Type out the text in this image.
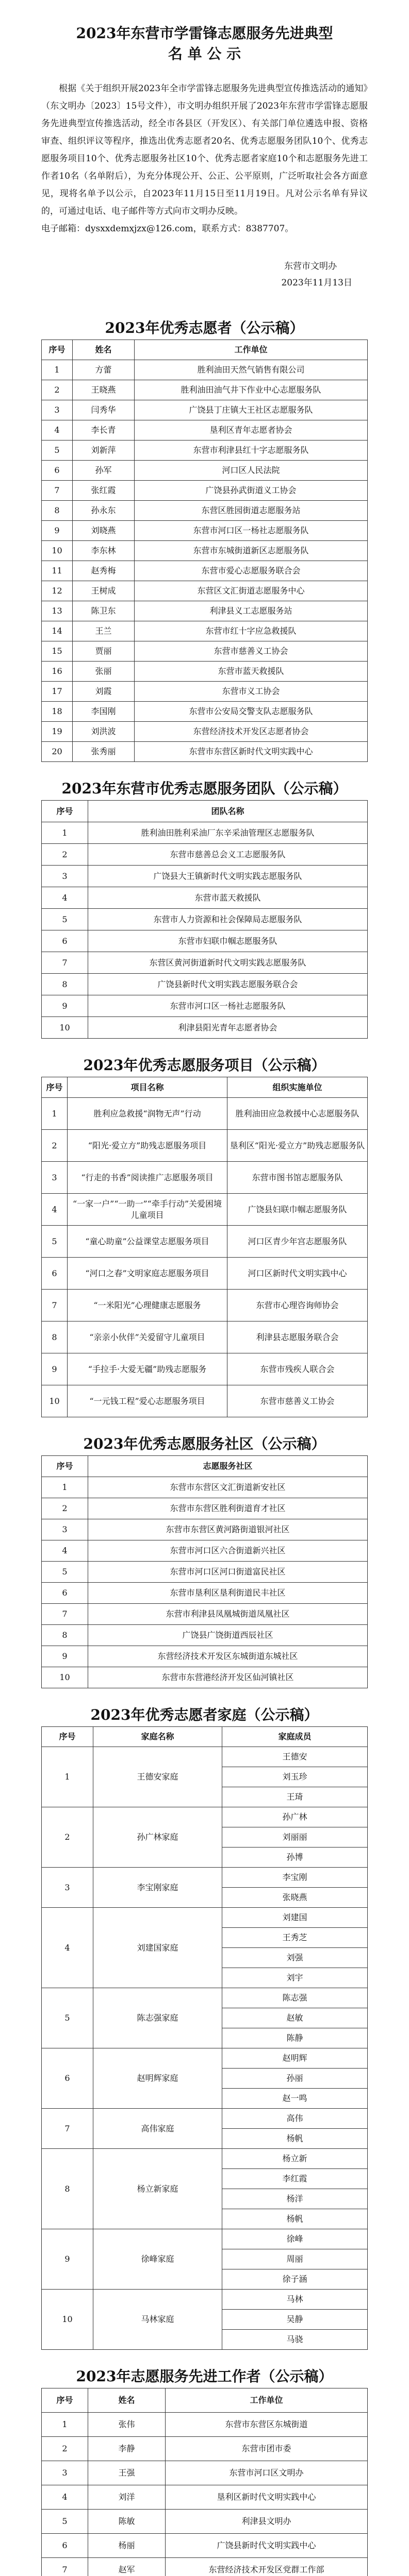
2023年东营市学雷锋志愿服务先进典型
名 单 公 示
根据《关于组织开展2023年全市学雷锋志愿服务先进典型宣传推选活动的通知》（东文明办〔2023〕15号文件），市文明办组织开展了2023年东营市学雷锋志愿服务先进典型宣传推选活动，经全市各县区（开发区）、有关部门单位遴选申报、资格审查、组织评议等程序，推选出优秀志愿者20名、优秀志愿服务团队10个、优秀志愿服务项目10个、优秀志愿服务社区10个、优秀志愿者家庭10个和志愿服务先进工作者10名（名单附后），为充分体现公开、公正、公平原则，广泛听取社会各方面意见，现将名单予以公示，自2023年11月15日至11月19日。凡对公示名单有异议的，可通过电话、电子邮件等方式向市文明办反映。
电子邮箱：dysxxdemxjzx@126.com，联系方式：8387707。
东营市文明办
2023年11月13日
2023年优秀志愿者（公示稿）
序号	姓名	工作单位
1	方蕾	胜利油田天然气销售有限公司
2	王晓燕	胜利油田油气井下作业中心志愿服务队
3	闫秀华	广饶县丁庄镇大王社区志愿服务队
4	李长青	垦利区青年志愿者协会
5	刘新萍	东营市利津县红十字志愿服务队
6	孙军	河口区人民法院
7	张红霞	广饶县孙武街道义工协会
8	孙永东	东营区胜园街道志愿服务站
9	刘晓燕	东营市河口区一杨社志愿服务队
10	李东林	东营市东城街道新区志愿服务队
11	赵秀梅	东营市爱心志愿服务联合会
12	王树成	东营区文汇街道志愿服务中心
13	陈卫东	利津县义工志愿服务站
14	王兰	东营市红十字应急救援队
15	贾丽	东营市慈善义工协会
16	张丽	东营市蓝天救援队
17	刘霞	东营市义工协会
18	李国刚	东营市公安局交警支队志愿服务队
19	刘洪波	东营经济技术开发区志愿者协会
20	张秀丽	东营市东营区新时代文明实践中心
2023年东营市优秀志愿服务团队（公示稿）
序号	团队名称
1	胜利油田胜利采油厂东辛采油管理区志愿服务队
2	东营市慈善总会义工志愿服务队
3	广饶县大王镇新时代文明实践志愿服务队
4	东营市蓝天救援队
5	东营市人力资源和社会保障局志愿服务队
6	东营市妇联巾帼志愿服务队
7	东营区黄河街道新时代文明实践志愿服务队
8	广饶县新时代文明实践志愿服务联合会
9	东营市河口区一杨社志愿服务队
10	利津县阳光青年志愿者协会
2023年优秀志愿服务项目（公示稿）
序号	项目名称	组织实施单位
1	胜利应急救援“润物无声”行动	胜利油田应急救援中心志愿服务队
2	“阳光·爱立方”助残志愿服务项目	垦利区“阳光·爱立方”助残志愿服务队
3	“行走的书香”阅读推广志愿服务项目	东营市图书馆志愿服务队
4	“一家一户”“一助一”“牵手行动”关爱困境儿童项目	广饶县妇联巾帼志愿服务队
5	“童心助童”公益课堂志愿服务项目	河口区青少年宫志愿服务队
6	“河口之春”文明家庭志愿服务项目	河口区新时代文明实践中心
7	“一米阳光”心理健康志愿服务	东营市心理咨询师协会
8	“亲亲小伙伴”关爱留守儿童项目	利津县志愿服务联合会
9	“手拉手·大爱无疆”助残志愿服务	东营市残疾人联合会
10	“一元钱工程”爱心志愿服务项目	东营市慈善义工协会
2023年优秀志愿服务社区（公示稿）
序号	志愿服务社区
1	东营市东营区文汇街道新安社区
2	东营市东营区胜利街道育才社区
3	东营市东营区黄河路街道银河社区
4	东营市河口区六合街道新兴社区
5	东营市河口区河口街道富民社区
6	东营市垦利区垦利街道民丰社区
7	东营市利津县凤凰城街道凤凰社区
8	广饶县广饶街道西辰社区
9	东营经济技术开发区东城街道东城社区
10	东营市东营港经济开发区仙河镇社区
2023年优秀志愿者家庭（公示稿）
序号	家庭名称	家庭成员
1	王德安家庭	王德安
		刘玉珍
		王琦
2	孙广林家庭	孙广林
		刘丽丽
		孙博
3	李宝刚家庭	李宝刚
		张晓燕
4	刘建国家庭	刘建国
		王秀芝
		刘强
		刘宇
5	陈志强家庭	陈志强
		赵敏
		陈静
6	赵明辉家庭	赵明辉
		孙丽
		赵一鸣
7	高伟家庭	高伟
		杨帆
8	杨立新家庭	杨立新
		李红霞
		杨洋
		杨帆
9	徐峰家庭	徐峰
		周丽
		徐子涵
10	马林家庭	马林
		吴静
		马骁
2023年志愿服务先进工作者（公示稿）
序号	姓名	工作单位
1	张伟	东营市东营区东城街道
2	李静	东营市团市委
3	王强	东营市河口区文明办
4	刘洋	垦利区新时代文明实践中心
5	陈敏	利津县文明办
6	杨丽	广饶县新时代文明实践中心
7	赵军	东营经济技术开发区党群工作部
